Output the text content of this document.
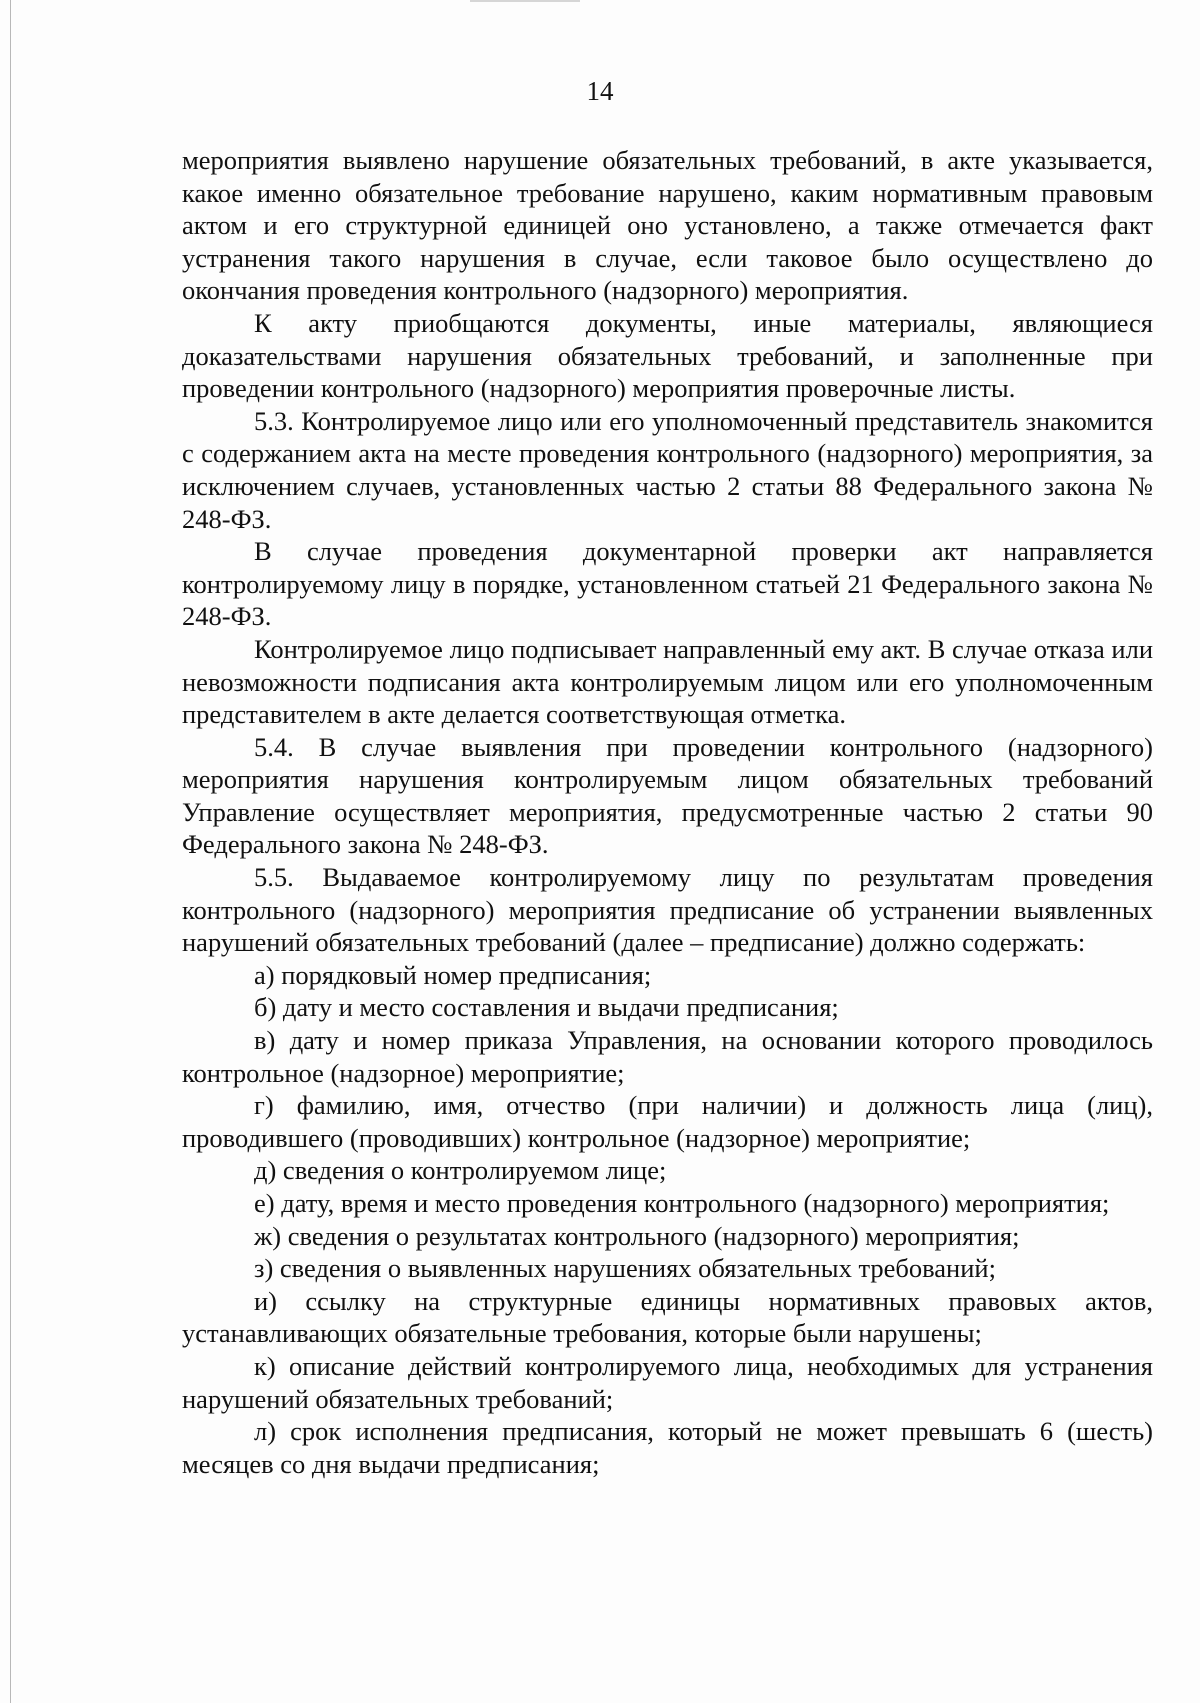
14

мероприятия выявлено нарушение обязательных требований, в акте указывается, какое именно обязательное требование нарушено, каким нормативным правовым актом и его структурной единицей оно установлено, а также отмечается факт устранения такого нарушения в случае, если таковое было осуществлено до окончания проведения контрольного (надзорного) мероприятия.

К акту приобщаются документы, иные материалы, являющиеся доказательствами нарушения обязательных требований, и заполненные при проведении контрольного (надзорного) мероприятия проверочные листы.

5.3. Контролируемое лицо или его уполномоченный представитель знакомится с содержанием акта на месте проведения контрольного (надзорного) мероприятия, за исключением случаев, установленных частью 2 статьи 88 Федерального закона № 248-ФЗ.

В случае проведения документарной проверки акт направляется контролируемому лицу в порядке, установленном статьей 21 Федерального закона № 248-ФЗ.

Контролируемое лицо подписывает направленный ему акт. В случае отказа или невозможности подписания акта контролируемым лицом или его уполномоченным представителем в акте делается соответствующая отметка.

5.4. В случае выявления при проведении контрольного (надзорного) мероприятия нарушения контролируемым лицом обязательных требований Управление осуществляет мероприятия, предусмотренные частью 2 статьи 90 Федерального закона № 248-ФЗ.

5.5. Выдаваемое контролируемому лицу по результатам проведения контрольного (надзорного) мероприятия предписание об устранении выявленных нарушений обязательных требований (далее – предписание) должно содержать:

а) порядковый номер предписания;

б) дату и место составления и выдачи предписания;

в) дату и номер приказа Управления, на основании которого проводилось контрольное (надзорное) мероприятие;

г) фамилию, имя, отчество (при наличии) и должность лица (лиц), проводившего (проводивших) контрольное (надзорное) мероприятие;

д) сведения о контролируемом лице;

е) дату, время и место проведения контрольного (надзорного) мероприятия;

ж) сведения о результатах контрольного (надзорного) мероприятия;

з) сведения о выявленных нарушениях обязательных требований;

и) ссылку на структурные единицы нормативных правовых актов, устанавливающих обязательные требования, которые были нарушены;

к) описание действий контролируемого лица, необходимых для устранения нарушений обязательных требований;

л) срок исполнения предписания, который не может превышать 6 (шесть) месяцев со дня выдачи предписания;
